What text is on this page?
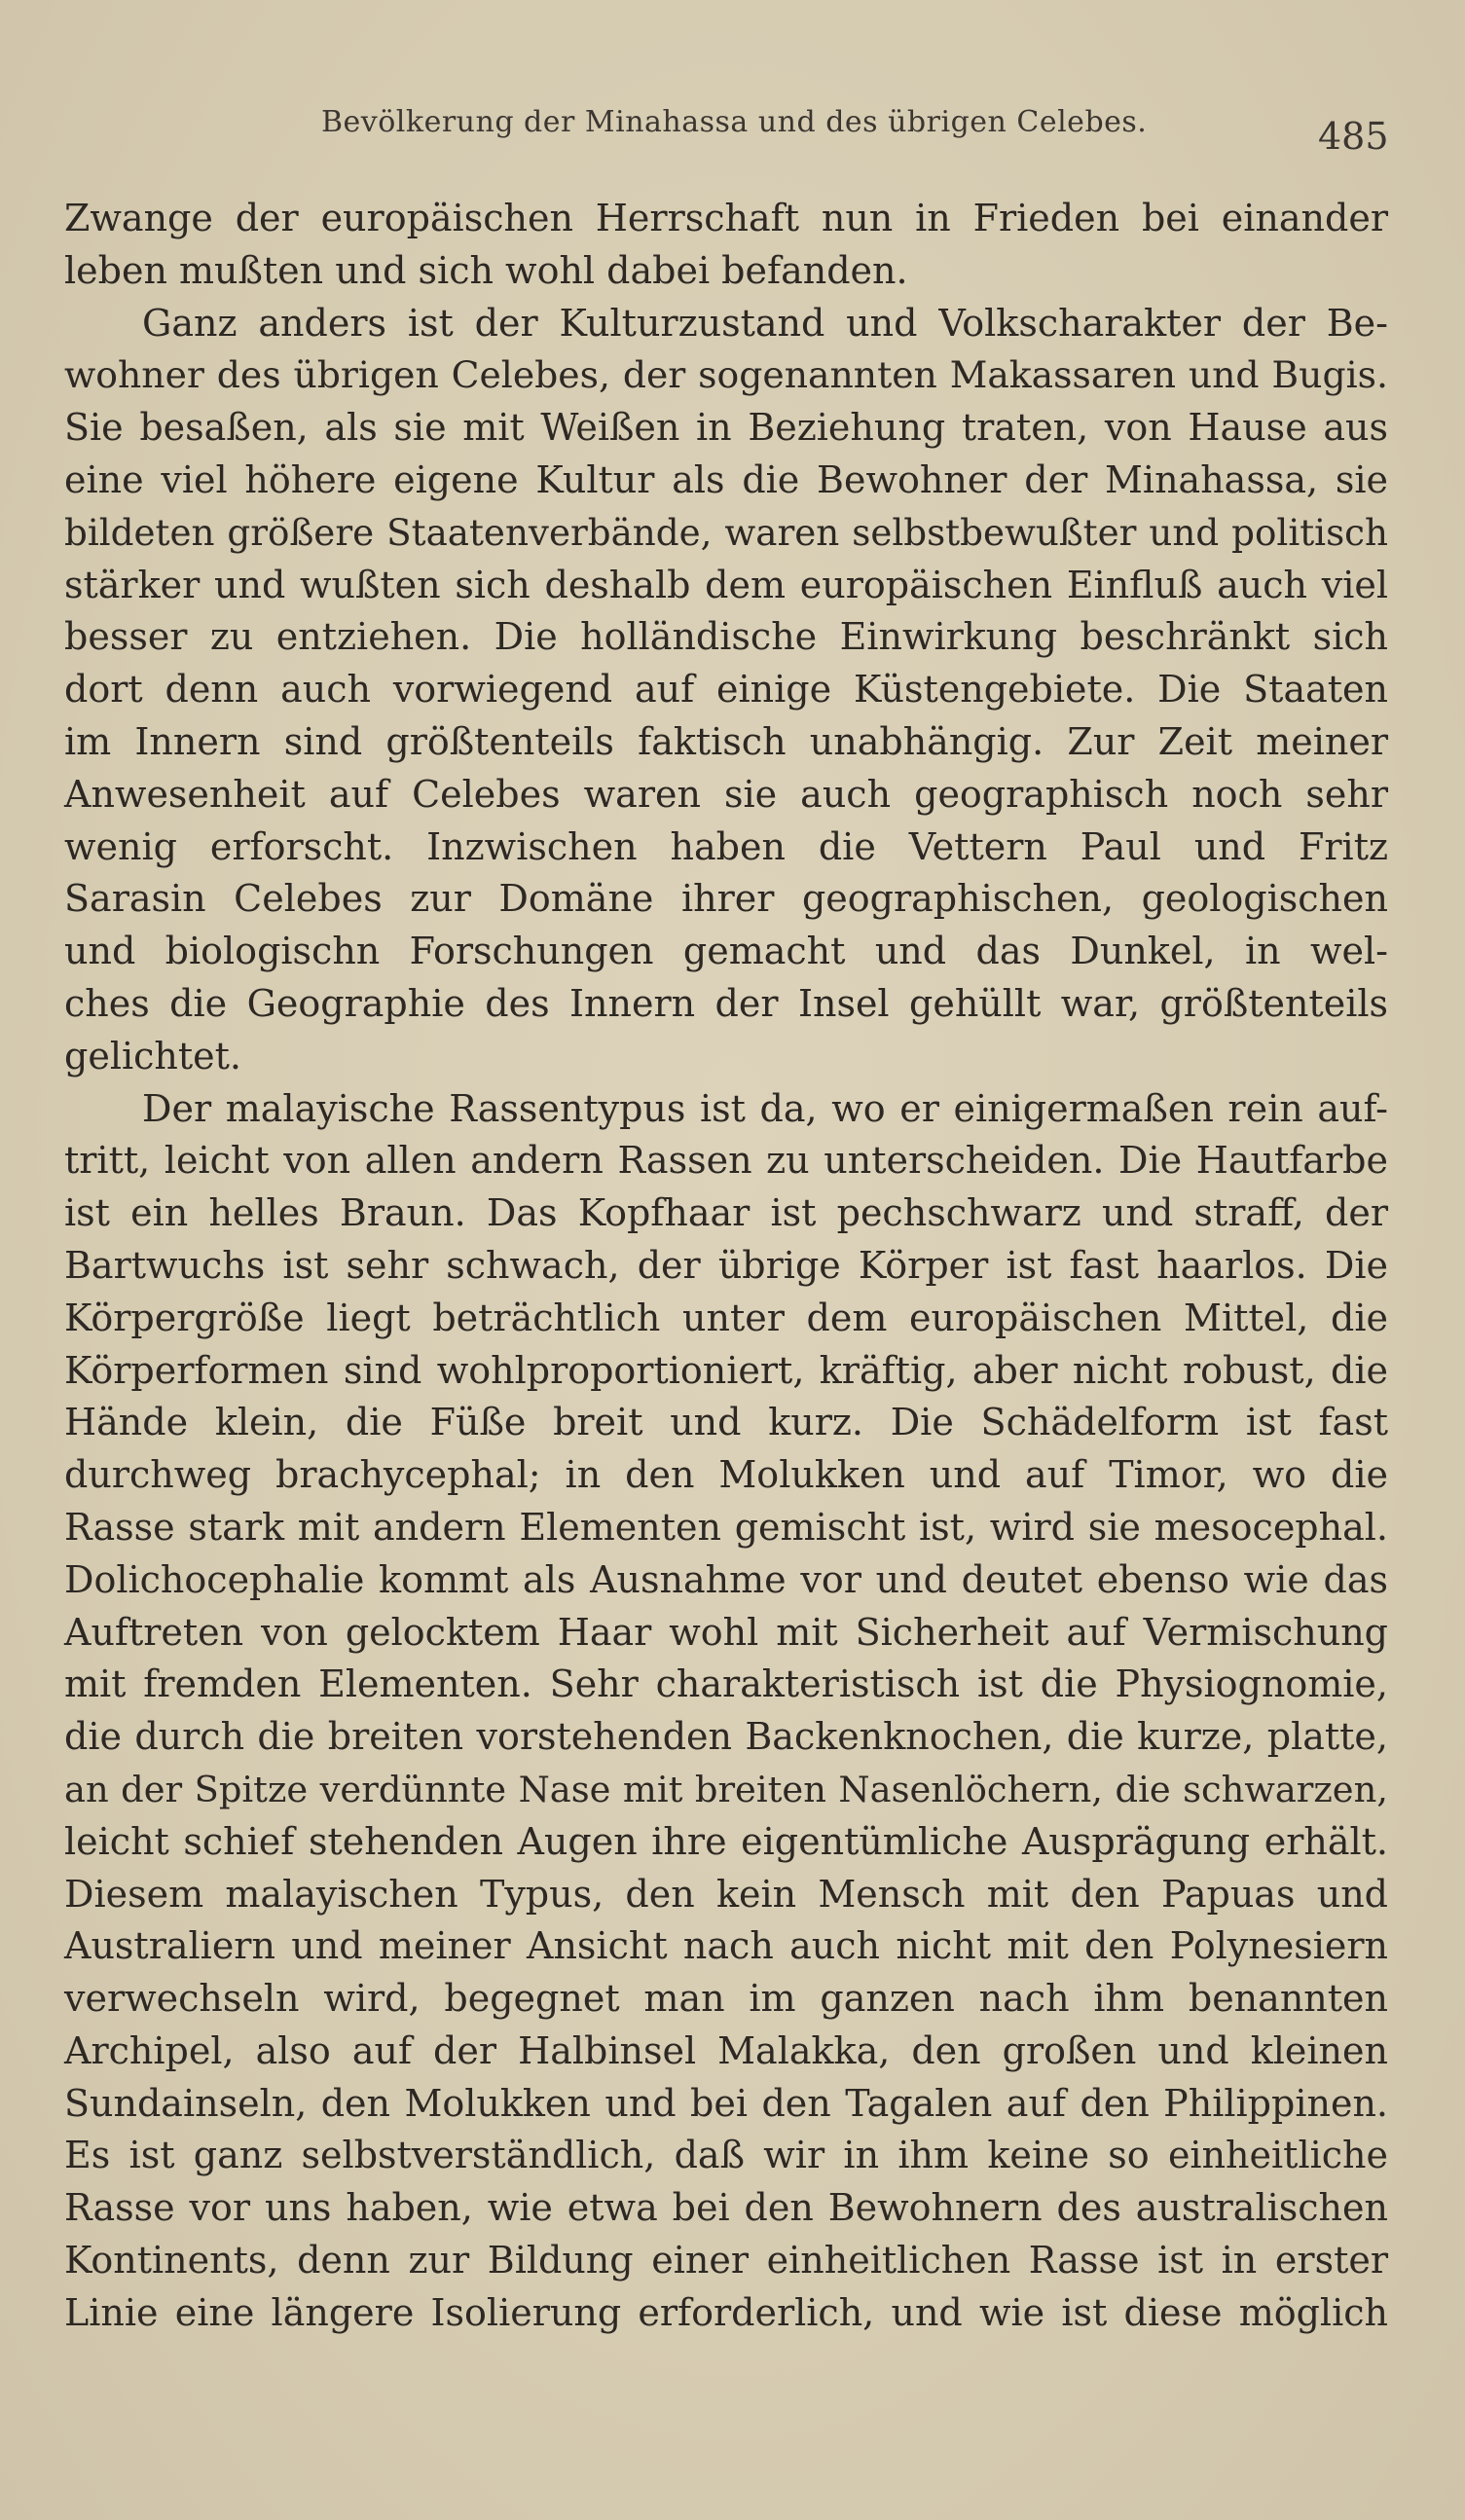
Bevölkerung der Minahassa und des übrigen Celebes.	485
Zwange der europäischen Herrschaft nun in Frieden bei einander
leben mußten und sich wohl dabei befanden.
Ganz anders ist der Kulturzustand und Volkscharakter der Be-
wohner des übrigen Celebes, der sogenannten Makassaren und Bugis.
Sie besaßen, als sie mit Weißen in Beziehung traten, von Hause aus
eine viel höhere eigene Kultur als die Bewohner der Minahassa, sie
bildeten größere Staatenverbände, waren selbstbewußter und politisch
stärker und wußten sich deshalb dem europäischen Einfluß auch viel
besser zu entziehen. Die holländische Einwirkung beschränkt sich
dort denn auch vorwiegend auf einige Küstengebiete. Die Staaten
im Innern sind größtenteils faktisch unabhängig. Zur Zeit meiner
Anwesenheit auf Celebes waren sie auch geographisch noch sehr
wenig erforscht. Inzwischen haben die Vettern Paul und Fritz
Sarasin Celebes zur Domäne ihrer geographischen, geologischen
und biologischn Forschungen gemacht und das Dunkel, in wel-
ches die Geographie des Innern der Insel gehüllt war, größtenteils
gelichtet.
Der malayische Rassentypus ist da, wo er einigermaßen rein auf-
tritt, leicht von allen andern Rassen zu unterscheiden. Die Hautfarbe
ist ein helles Braun. Das Kopfhaar ist pechschwarz und straff, der
Bartwuchs ist sehr schwach, der übrige Körper ist fast haarlos. Die
Körpergröße liegt beträchtlich unter dem europäischen Mittel, die
Körperformen sind wohlproportioniert, kräftig, aber nicht robust, die
Hände klein, die Füße breit und kurz. Die Schädelform ist fast
durchweg brachycephal; in den Molukken und auf Timor, wo die
Rasse stark mit andern Elementen gemischt ist, wird sie mesocephal.
Dolichocephalie kommt als Ausnahme vor und deutet ebenso wie das
Auftreten von gelocktem Haar wohl mit Sicherheit auf Vermischung
mit fremden Elementen. Sehr charakteristisch ist die Physiognomie,
die durch die breiten vorstehenden Backenknochen, die kurze, platte,
an der Spitze verdünnte Nase mit breiten Nasenlöchern, die schwarzen,
leicht schief stehenden Augen ihre eigentümliche Ausprägung erhält.
Diesem malayischen Typus, den kein Mensch mit den Papuas und
Australiern und meiner Ansicht nach auch nicht mit den Polynesiern
verwechseln wird, begegnet man im ganzen nach ihm benannten
Archipel, also auf der Halbinsel Malakka, den großen und kleinen
Sundainseln, den Molukken und bei den Tagalen auf den Philippinen.
Es ist ganz selbstverständlich, daß wir in ihm keine so einheitliche
Rasse vor uns haben, wie etwa bei den Bewohnern des australischen
Kontinents, denn zur Bildung einer einheitlichen Rasse ist in erster
Linie eine längere Isolierung erforderlich, und wie ist diese möglich
